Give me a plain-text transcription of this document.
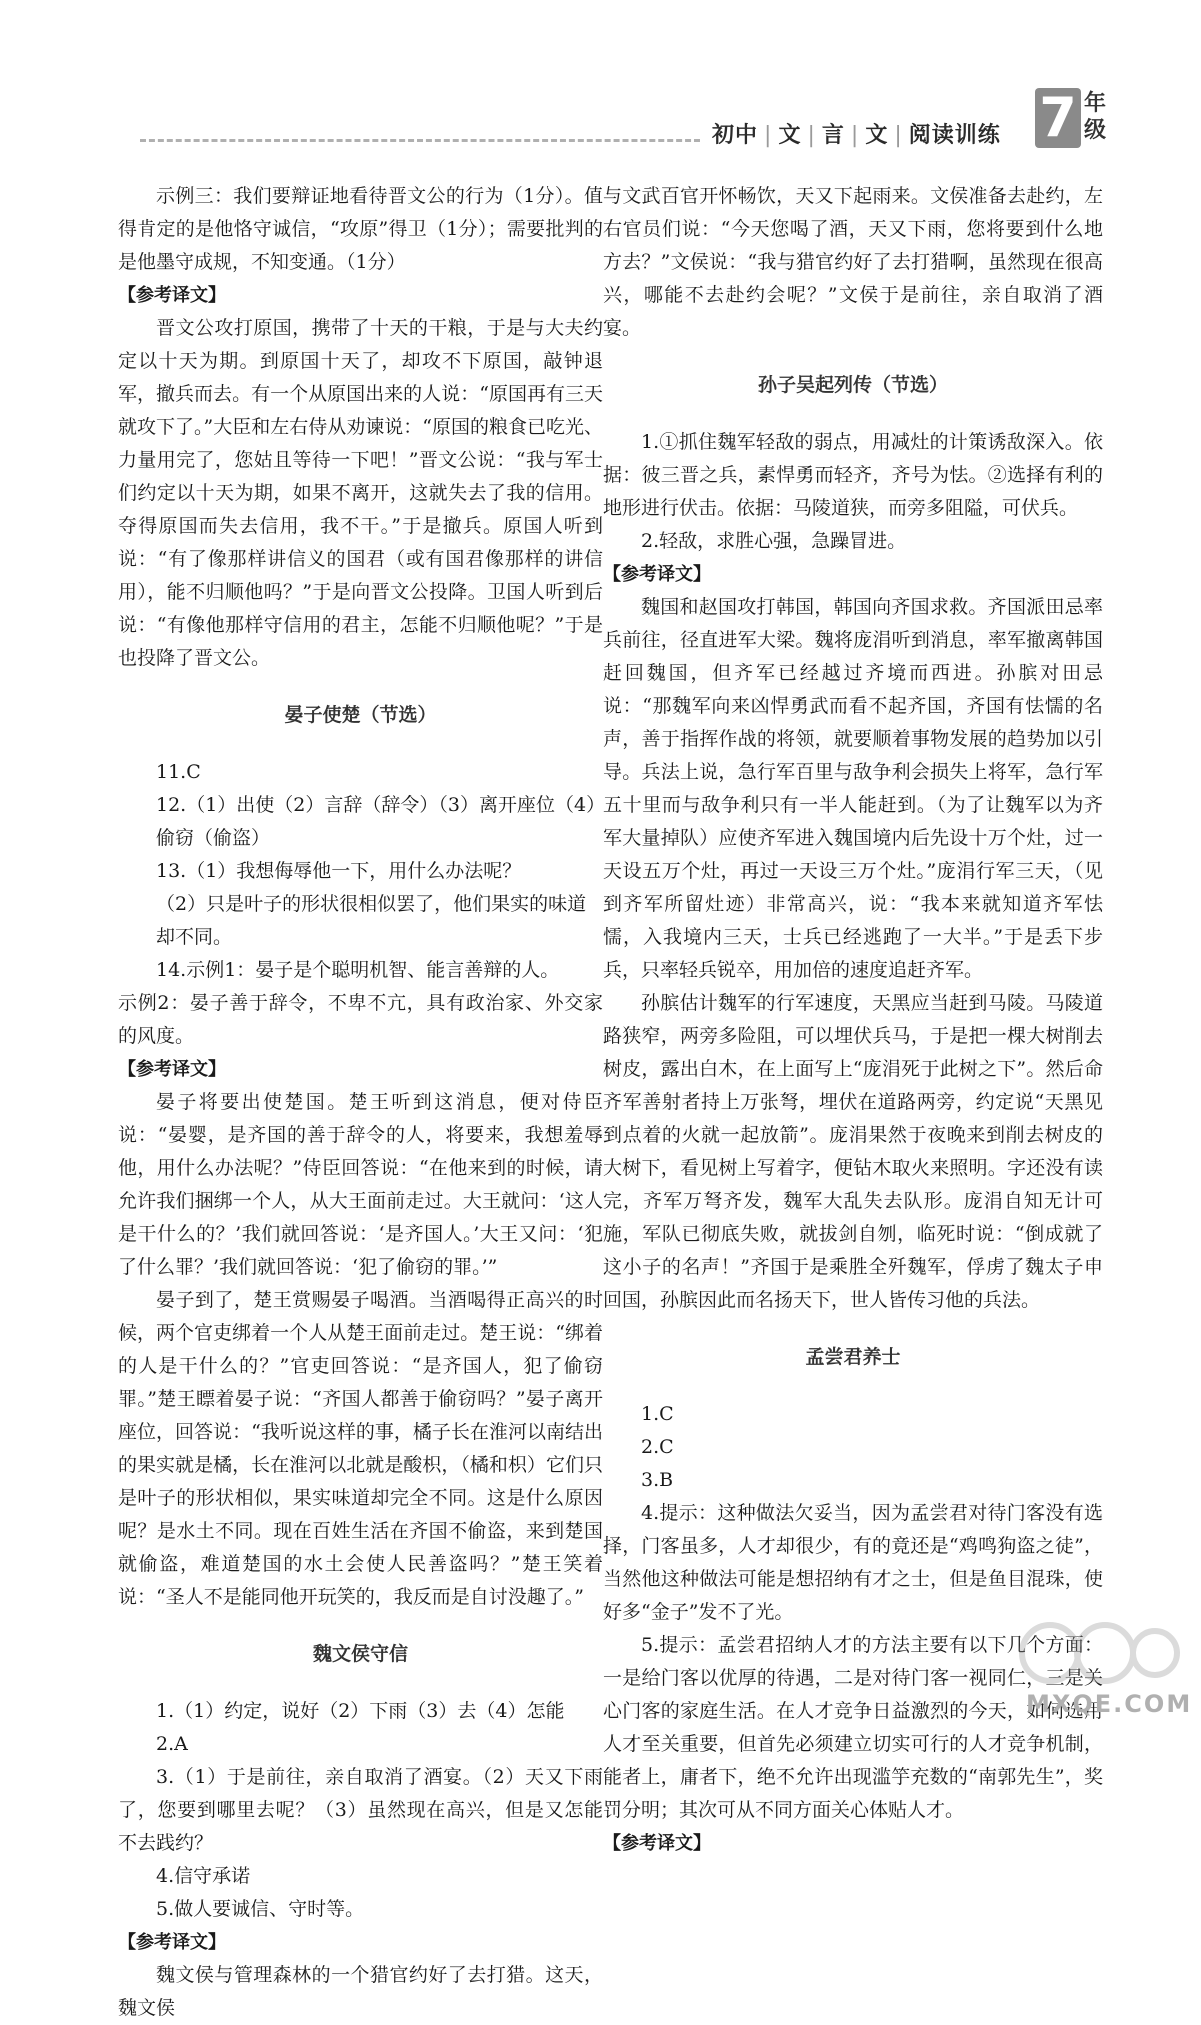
初中 | 文 | 言 | 文 | 阅读训练 7 年级

示例三：我们要辩证地看待晋文公的行为（1分）。值得肯定的是他恪守诚信，“攻原”得卫（1分）；需要批判的是他墨守成规，不知变通。（1分）

【参考译文】

晋文公攻打原国，携带了十天的干粮，于是与大夫约定以十天为期。到原国十天了，却攻不下原国，敲钟退军，撤兵而去。有一个从原国出来的人说：“原国再有三天就攻下了。”大臣和左右侍从劝谏说：“原国的粮食已吃光、力量用完了，您姑且等待一下吧！”晋文公说：“我与军士们约定以十天为期，如果不离开，这就失去了我的信用。夺得原国而失去信用，我不干。”于是撤兵。原国人听到说：“有了像那样讲信义的国君（或有国君像那样的讲信用），能不归顺他吗？”于是向晋文公投降。卫国人听到后说：“有像他那样守信用的君主，怎能不归顺他呢？”于是也投降了晋文公。

晏子使楚（节选）

11.C

12.（1）出使（2）言辞（辞令）（3）离开座位（4）偷窃（偷盗）

13.（1）我想侮辱他一下，用什么办法呢？

（2）只是叶子的形状很相似罢了，他们果实的味道却不同。

14.示例1：晏子是个聪明机智、能言善辩的人。

示例2：晏子善于辞令，不卑不亢，具有政治家、外交家的风度。

【参考译文】

晏子将要出使楚国。楚王听到这消息，便对侍臣说：“晏婴，是齐国的善于辞令的人，将要来，我想羞辱他，用什么办法呢？”侍臣回答说：“在他来到的时候，请允许我们捆绑一个人，从大王面前走过。大王就问：‘这人是干什么的？’我们就回答说：‘是齐国人。’大王又问：‘犯了什么罪？’我们就回答说：‘犯了偷窃的罪。’”

晏子到了，楚王赏赐晏子喝酒。当酒喝得正高兴的时候，两个官吏绑着一个人从楚王面前走过。楚王说：“绑着的人是干什么的？”官吏回答说：“是齐国人，犯了偷窃罪。”楚王瞟着晏子说：“齐国人都善于偷窃吗？”晏子离开座位，回答说：“我听说这样的事，橘子长在淮河以南结出的果实就是橘，长在淮河以北就是酸枳，（橘和枳）它们只是叶子的形状相似，果实味道却完全不同。这是什么原因呢？是水土不同。现在百姓生活在齐国不偷盗，来到楚国就偷盗，难道楚国的水土会使人民善盗吗？”楚王笑着说：“圣人不是能同他开玩笑的，我反而是自讨没趣了。”

魏文侯守信

1.（1）约定，说好（2）下雨（3）去（4）怎能

2.A

3.（1）于是前往，亲自取消了酒宴。（2）天又下雨了，您要到哪里去呢？（3）虽然现在高兴，但是又怎能不去践约？

4.信守承诺

5.做人要诚信、守时等。

【参考译文】

魏文侯与管理森林的一个猎官约好了去打猎。这天，魏文侯

与文武百官开怀畅饮，天又下起雨来。文侯准备去赴约，左右官员们说：“今天您喝了酒，天又下雨，您将要到什么地方去？”文侯说：“我与猎官约好了去打猎啊，虽然现在很高兴，哪能不去赴约会呢？”文侯于是前往，亲自取消了酒宴。

孙子吴起列传（节选）

1.①抓住魏军轻敌的弱点，用减灶的计策诱敌深入。依据：彼三晋之兵，素悍勇而轻齐，齐号为怯。②选择有利的地形进行伏击。依据：马陵道狭，而旁多阻隘，可伏兵。

2.轻敌，求胜心强，急躁冒进。

【参考译文】

魏国和赵国攻打韩国，韩国向齐国求救。齐国派田忌率兵前往，径直进军大梁。魏将庞涓听到消息，率军撤离韩国赶回魏国，但齐军已经越过齐境而西进。孙膑对田忌说：“那魏军向来凶悍勇武而看不起齐国，齐国有怯懦的名声，善于指挥作战的将领，就要顺着事物发展的趋势加以引导。兵法上说，急行军百里与敌争利会损失上将军，急行军五十里而与敌争利只有一半人能赶到。（为了让魏军以为齐军大量掉队）应使齐军进入魏国境内后先设十万个灶，过一天设五万个灶，再过一天设三万个灶。”庞涓行军三天，（见到齐军所留灶迹）非常高兴，说：“我本来就知道齐军怯懦，入我境内三天，士兵已经逃跑了一大半。”于是丢下步兵，只率轻兵锐卒，用加倍的速度追赶齐军。

孙膑估计魏军的行军速度，天黑应当赶到马陵。马陵道路狭窄，两旁多险阻，可以埋伏兵马，于是把一棵大树削去树皮，露出白木，在上面写上“庞涓死于此树之下”。然后命齐军善射者持上万张弩，埋伏在道路两旁，约定说“天黑见到点着的火就一起放箭”。庞涓果然于夜晚来到削去树皮的大树下，看见树上写着字，便钻木取火来照明。字还没有读完，齐军万弩齐发，魏军大乱失去队形。庞涓自知无计可施，军队已彻底失败，就拔剑自刎，临死时说：“倒成就了这小子的名声！”齐国于是乘胜全歼魏军，俘虏了魏太子申回国，孙膑因此而名扬天下，世人皆传习他的兵法。

孟尝君养士

1.C

2.C

3.B

4.提示：这种做法欠妥当，因为孟尝君对待门客没有选择，门客虽多，人才却很少，有的竟还是“鸡鸣狗盗之徒”，当然他这种做法可能是想招纳有才之士，但是鱼目混珠，使好多“金子”发不了光。

5.提示：孟尝君招纳人才的方法主要有以下几个方面：一是给门客以优厚的待遇，二是对待门客一视同仁，三是关心门客的家庭生活。在人才竞争日益激烈的今天，如何选用人才至关重要，但首先必须建立切实可行的人才竞争机制，能者上，庸者下，绝不允许出现滥竽充数的“南郭先生”，奖罚分明；其次可从不同方面关心体贴人才。

【参考译文】

MXQE.COM
